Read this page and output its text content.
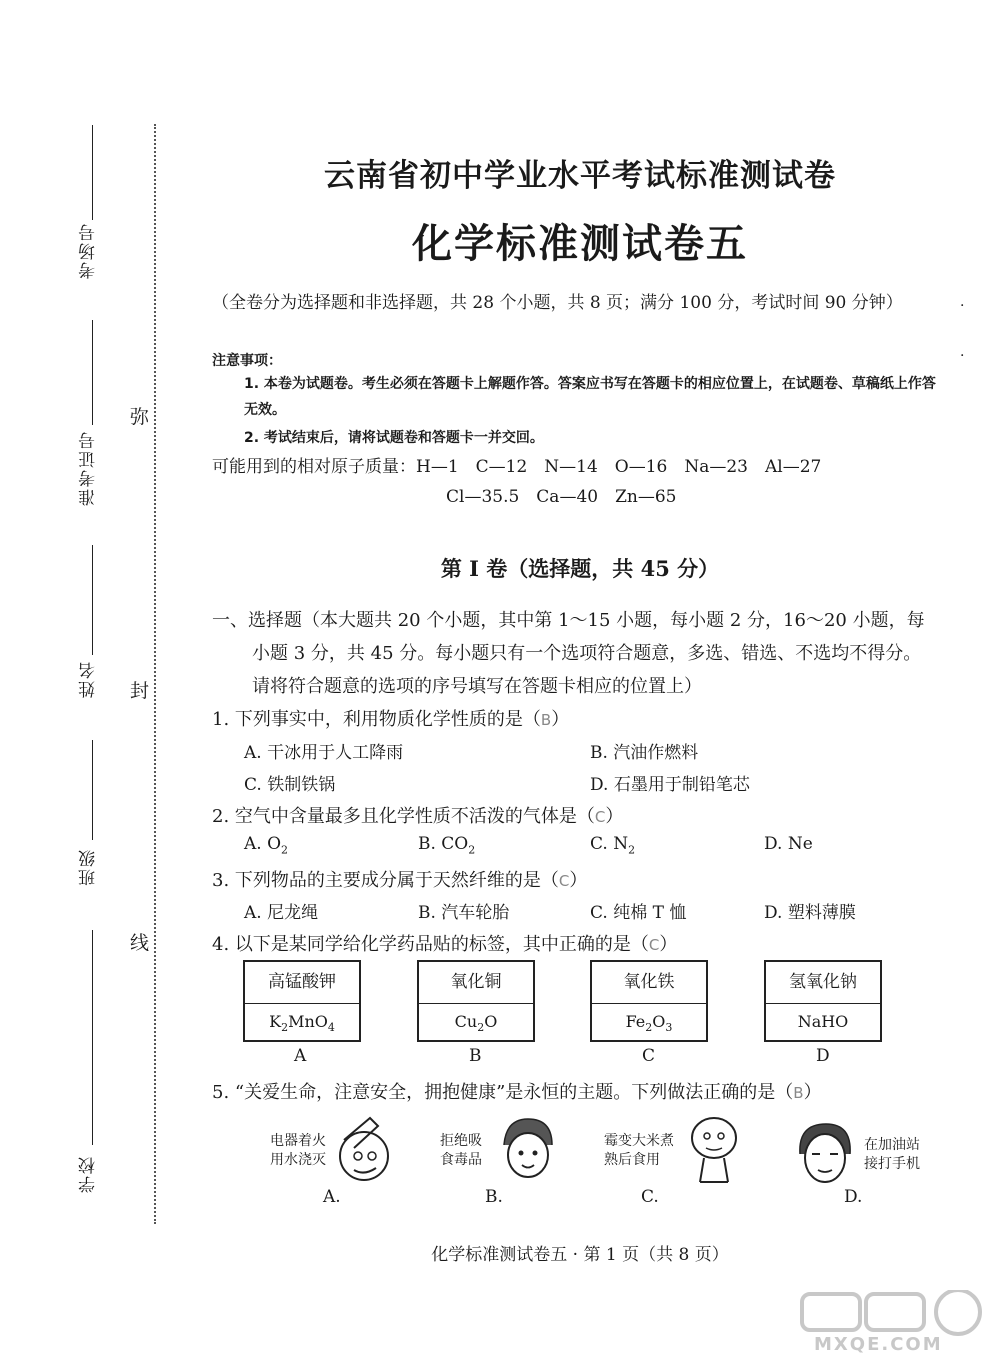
考场号
准考证号
姓名
班级
学校
弥
封
线
云南省初中学业水平考试标准测试卷
化学标准测试卷五
（全卷分为选择题和非选择题，共 28 个小题，共 8 页；满分 100 分，考试时间 90 分钟）	·
·
注意事项：
1. 本卷为试题卷。考生必须在答题卡上解题作答。答案应书写在答题卡的相应位置上，在试题卷、草稿纸上作答无效。
2. 考试结束后，请将试题卷和答题卡一并交回。
可能用到的相对原子质量：H—1　C—12　N—14　O—16　Na—23　Al—27
Cl—35.5　Ca—40　Zn—65
第 Ⅰ 卷（选择题，共 45 分）
一、选择题（本大题共 20 个小题，其中第 1～15 小题，每小题 2 分，16～20 小题，每
小题 3 分，共 45 分。每小题只有一个选项符合题意，多选、错选、不选均不得分。
请将符合题意的选项的序号填写在答题卡相应的位置上）
1. 下列事实中，利用物质化学性质的是（B）
A. 干冰用于人工降雨	B. 汽油作燃料
C. 铁制铁锅	D. 石墨用于制铅笔芯
2. 空气中含量最多且化学性质不活泼的气体是（C）
A. $O_2$	B. $CO_2$	C. $N_2$	D. Ne
3. 下列物品的主要成分属于天然纤维的是（C）
A. 尼龙绳	B. 汽车轮胎	C. 纯棉 T 恤	D. 塑料薄膜
4. 以下是某同学给化学药品贴的标签，其中正确的是（C）
高锰酸钾
$K_2MnO_4$
氧化铜
$Cu_2O$
氧化铁
$Fe_2O_3$
氢氧化钠
NaHO
A	B	C	D
5. “关爱生命，注意安全，拥抱健康”是永恒的主题。下列做法正确的是（B）
电器着火
用水浇灭
A.
拒绝吸
食毒品
B.
霉变大米煮
熟后食用
C.
在加油站
接打手机
D.
化学标准测试卷五 · 第 1 页（共 8 页）
MXQE.COM
